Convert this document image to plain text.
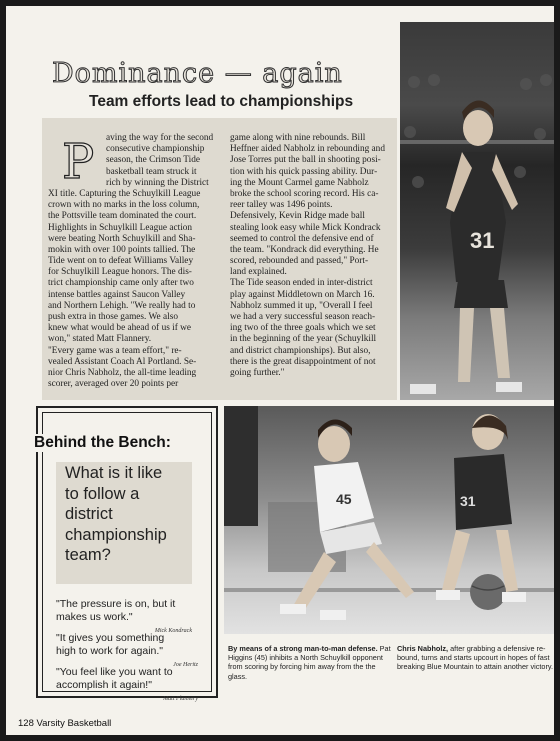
Dominance — again
Team efforts lead to championships
P	aving the way for the second
consecutive championship
season, the Crimson Tide
basketball team struck it
rich by winning the District
XI title. Capturing the Schuylkill League
crown with no marks in the loss column,
the Pottsville team dominated the court.
Highlights in Schuylkill League action
were beating North Schuylkill and Sha-
mokin with over 100 points tallied. The
Tide went on to defeat Williams Valley
for Schuylkill League honors. The dis-
trict championship came only after two
intense battles against Saucon Valley
and Northern Lehigh. "We really had to
push extra in those games. We also
knew what would be ahead of us if we
won," stated Matt Flannery.
"Every game was a team effort," re-
vealed Assistant Coach Al Portland. Se-
nior Chris Nabholz, the all-time leading
scorer, averaged over 20 points per
game along with nine rebounds. Bill
Heffner aided Nabholz in rebounding and
Jose Torres put the ball in shooting posi-
tion with his quick passing ability. Dur-
ing the Mount Carmel game Nabholz
broke the school scoring record. His ca-
reer talley was 1496 points.
Defensively, Kevin Ridge made ball
stealing look easy while Mick Kondrack
seemed to control the defensive end of
the team. "Kondrack did everything. He
scored, rebounded and passed," Port-
land explained.
The Tide season ended in inter-district
play against Middletown on March 16.
Nabholz summed it up, "Overall I feel
we had a very successful season reach-
ing two of the three goals which we set
in the beginning of the year (Schuylkill
and district championships). But also,
there is the great disappointment of not
going further."
31
45	31
Behind the Bench:
What is it like
to follow a
district
championship
team?
"The pressure is on, but it
makes us work."
Mick Kondrack
"It gives you something
high to work for again."
Joe Heritz
"You feel like you want to
accomplish it again!"
Matt Flannery
By means of a strong man-to-man defense. Pat
Higgins (45) inhibits a North Schuylkill opponent
from scoring by forcing him away from the the
glass.
Chris Nabholz, after grabbing a defensive re-
bound, turns and starts upcourt in hopes of fast
breaking Blue Mountain to attain another victory.
128 Varsity Basketball
